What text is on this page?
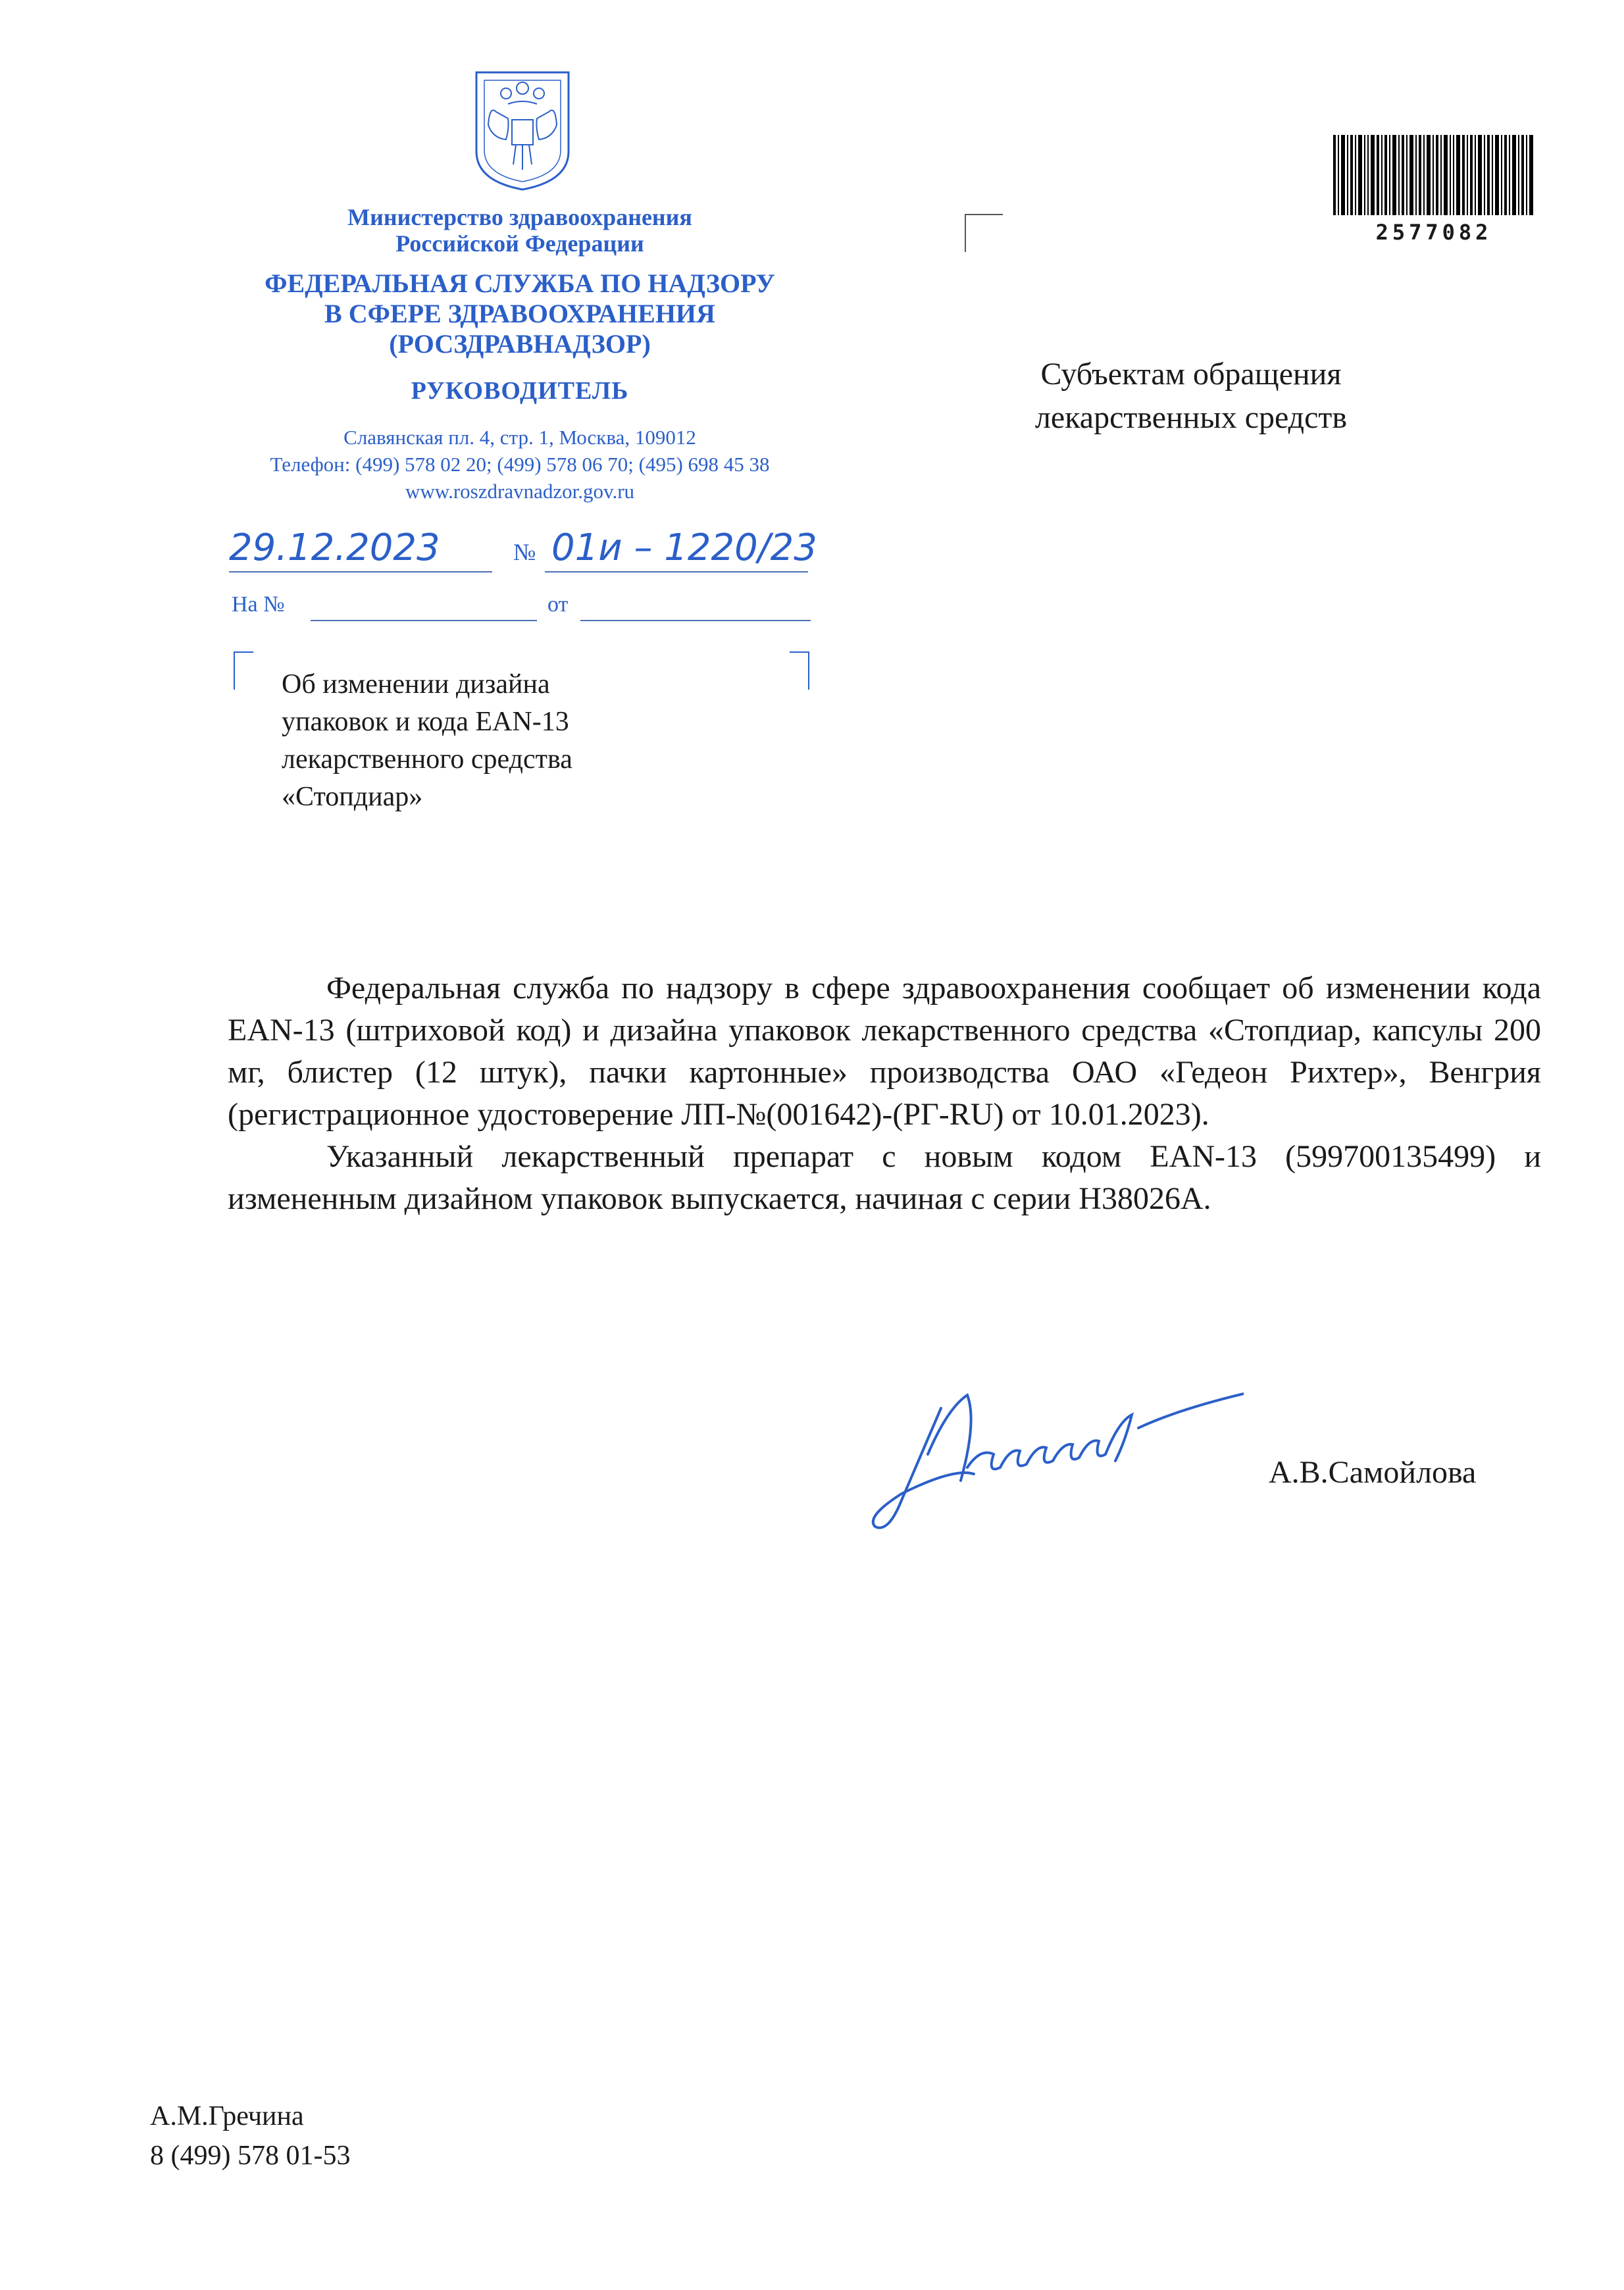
Министерство здравоохранения
Российской Федерации
ФЕДЕРАЛЬНАЯ СЛУЖБА ПО НАДЗОРУ
В СФЕРЕ ЗДРАВООХРАНЕНИЯ
(РОСЗДРАВНАДЗОР)
РУКОВОДИТЕЛЬ
Славянская пл. 4, стр. 1, Москва, 109012
Телефон: (499) 578 02 20; (499) 578 06 70; (495) 698 45 38
www.roszdravnadzor.gov.ru
29.12.2023	№ 01и – 1220/23
На №	от
Об изменении дизайна
упаковок и кода EAN-13
лекарственного средства
«Стопдиар»
Субъектам обращения
лекарственных средств
2577082

Федеральная служба по надзору в сфере здравоохранения сообщает об изменении кода EAN-13 (штриховой код) и дизайна упаковок лекарственного средства «Стопдиар, капсулы 200 мг, блистер (12 штук), пачки картонные» производства ОАО «Гедеон Рихтер», Венгрия (регистрационное удостоверение ЛП-№(001642)-(РГ-RU) от 10.01.2023).

Указанный лекарственный препарат с новым кодом EAN-13 (599700135499) и измененным дизайном упаковок выпускается, начиная с серии Н38026А.

А.В.Самойлова
А.М.Гречина
8 (499) 578 01-53
